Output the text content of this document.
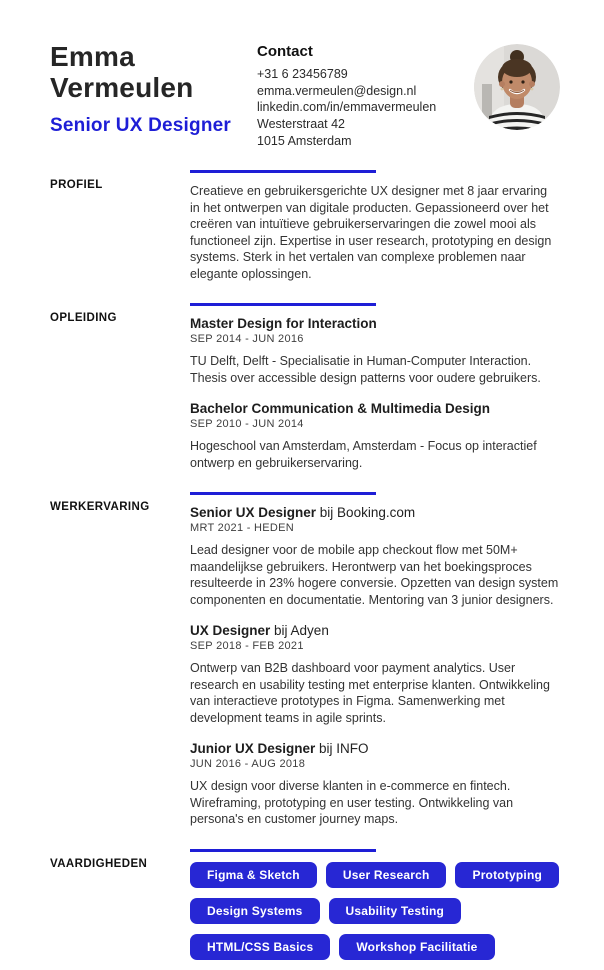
Emma
Vermeulen
Senior UX Designer
Contact
+31 6 23456789
emma.vermeulen@design.nl
linkedin.com/in/emmavermeulen
Westerstraat 42
1015 Amsterdam
PROFIEL	Creatieve en gebruikersgerichte UX designer met 8 jaar ervaring in het ontwerpen van digitale producten. Gepassioneerd over het creëren van intuïtieve gebruikerservaringen die zowel mooi als functioneel zijn. Expertise in user research, prototyping en design systems. Sterk in het vertalen van complexe problemen naar elegante oplossingen.
OPLEIDING	Master Design for Interaction
SEP 2014 - JUN 2016
TU Delft, Delft - Specialisatie in Human-Computer Interaction. Thesis over accessible design patterns voor oudere gebruikers.
Bachelor Communication & Multimedia Design
SEP 2010 - JUN 2014
Hogeschool van Amsterdam, Amsterdam - Focus op interactief ontwerp en gebruikerservaring.
WERKERVARING	Senior UX Designer bij Booking.com
MRT 2021 - HEDEN
Lead designer voor de mobile app checkout flow met 50M+ maandelijkse gebruikers. Herontwerp van het boekingsproces resulteerde in 23% hogere conversie. Opzetten van design system componenten en documentatie. Mentoring van 3 junior designers.
UX Designer bij Adyen
SEP 2018 - FEB 2021
Ontwerp van B2B dashboard voor payment analytics. User research en usability testing met enterprise klanten. Ontwikkeling van interactieve prototypes in Figma. Samenwerking met development teams in agile sprints.
Junior UX Designer bij INFO
JUN 2016 - AUG 2018
UX design voor diverse klanten in e-commerce en fintech. Wireframing, prototyping en user testing. Ontwikkeling van persona's en customer journey maps.
VAARDIGHEDEN
Figma & Sketch	User Research	Prototyping
Design Systems	Usability Testing
HTML/CSS Basics	Workshop Facilitatie
